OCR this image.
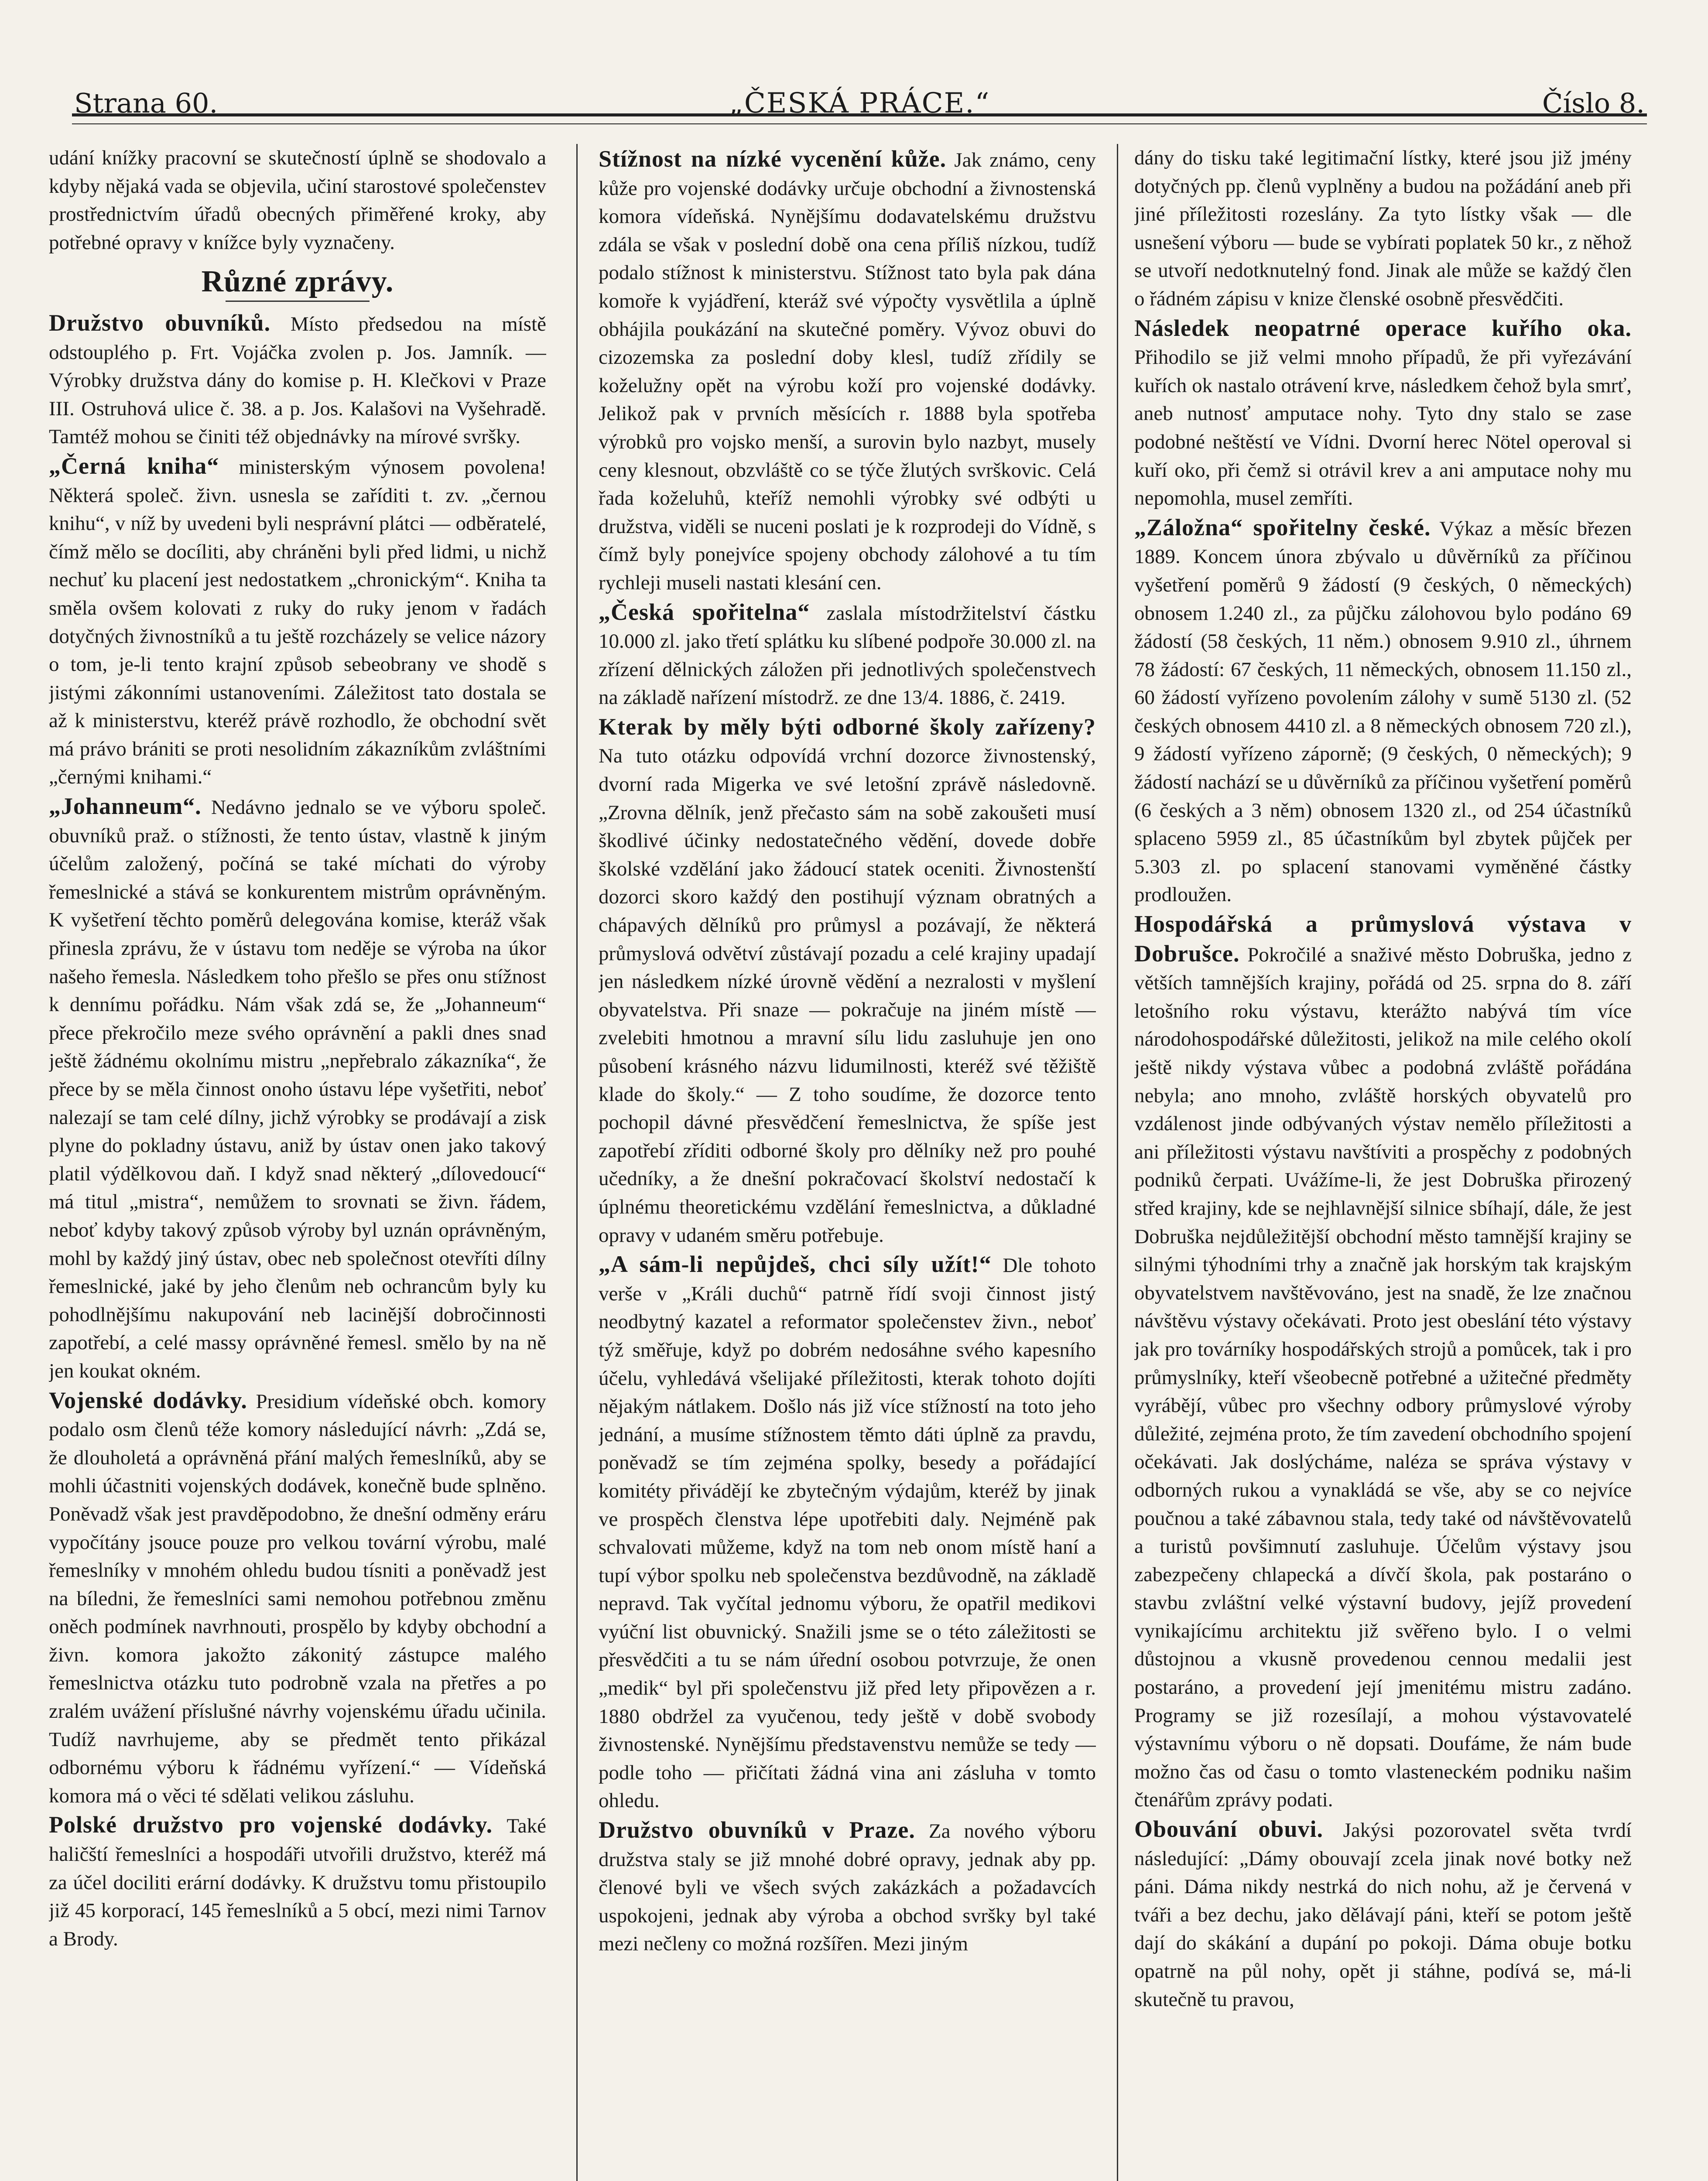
Strana 60.	„ČESKÁ PRÁCE.“	Číslo 8.

udání knížky pracovní se skutečností úplně se shodovalo a kdyby nějaká vada se objevila, učiní starostové společenstev prostřednictvím úřadů obecných přiměřené kroky, aby potřebné opravy v knížce byly vyznačeny.

Různé zprávy.

Družstvo obuvníků. Místo předsedou na místě odstouplého p. Frt. Vojáčka zvolen p. Jos. Jamník. — Výrobky družstva dány do komise p. H. Klečkovi v Praze III. Ostruhová ulice č. 38. a p. Jos. Kalašovi na Vyšehradě. Tamtéž mohou se činiti též objednávky na mírové svršky.

„Černá kniha“ ministerským výnosem povolena! Některá společ. živn. usnesla se zaříditi t. zv. „černou knihu“, v níž by uvedeni byli nesprávní plátci — odběratelé, čímž mělo se docíliti, aby chráněni byli před lidmi, u nichž nechuť ku placení jest nedostatkem „chronickým“. Kniha ta směla ovšem kolovati z ruky do ruky jenom v řadách dotyčných živnostníků a tu ještě rozcházely se velice názory o tom, je-li tento krajní způsob sebeobrany ve shodě s jistými zákonními ustanoveními. Záležitost tato dostala se až k ministerstvu, kteréž právě rozhodlo, že obchodní svět má právo brániti se proti nesolidním zákazníkům zvláštními „černými knihami.“

„Johanneum“. Nedávno jednalo se ve výboru společ. obuvníků praž. o stížnosti, že tento ústav, vlastně k jiným účelům založený, počíná se také míchati do výroby řemeslnické a stává se konkurentem mistrům oprávněným. K vyšetření těchto poměrů delegována komise, kteráž však přinesla zprávu, že v ústavu tom neděje se výroba na úkor našeho řemesla. Následkem toho přešlo se přes onu stížnost k dennímu pořádku. Nám však zdá se, že „Johanneum“ přece překročilo meze svého oprávnění a pakli dnes snad ještě žádnému okolnímu mistru „nepřebralo zákazníka“, že přece by se měla činnost onoho ústavu lépe vyšetřiti, neboť nalezají se tam celé dílny, jichž výrobky se prodávají a zisk plyne do pokladny ústavu, aniž by ústav onen jako takový platil výdělkovou daň. I když snad některý „dílovedoucí“ má titul „mistra“, nemůžem to srovnati se živn. řádem, neboť kdyby takový způsob výroby byl uznán oprávněným, mohl by každý jiný ústav, obec neb společnost otevříti dílny řemeslnické, jaké by jeho členům neb ochrancům byly ku pohodlnějšímu nakupování neb lacinější dobročinnosti zapotřebí, a celé massy oprávněné řemesl. smělo by na ně jen koukat okném.

Vojenské dodávky. Presidium vídeňské obch. komory podalo osm členů téže komory následující návrh: „Zdá se, že dlouholetá a oprávněná přání malých řemeslníků, aby se mohli účastniti vojenských dodávek, konečně bude splněno. Poněvadž však jest pravděpodobno, že dnešní odměny eráru vypočítány jsouce pouze pro velkou tovární výrobu, malé řemeslníky v mnohém ohledu budou tísniti a poněvadž jest na bíledni, že řemeslníci sami nemohou potřebnou změnu oněch podmínek navrhnouti, prospělo by kdyby obchodní a živn. komora jakožto zákonitý zástupce malého řemeslnictva otázku tuto podrobně vzala na přetřes a po zralém uvážení příslušné návrhy vojenskému úřadu učinila. Tudíž navrhujeme, aby se předmět tento přikázal odbornému výboru k řádnému vyřízení.“ — Vídeňská komora má o věci té sdělati velikou zásluhu.

Polské družstvo pro vojenské dodávky. Také haličští řemeslníci a hospodáři utvořili družstvo, kteréž má za účel dociliti erární dodávky. K družstvu tomu přistoupilo již 45 korporací, 145 řemeslníků a 5 obcí, mezi nimi Tarnov a Brody.

Stížnost na nízké vycenění kůže. Jak známo, ceny kůže pro vojenské dodávky určuje obchodní a živnostenská komora vídeňská. Nynějšímu dodavatelskému družstvu zdála se však v poslední době ona cena příliš nízkou, tudíž podalo stížnost k ministerstvu. Stížnost tato byla pak dána komoře k vyjádření, kteráž své výpočty vysvětlila a úplně obhájila poukázání na skutečné poměry. Vývoz obuvi do cizozemska za poslední doby klesl, tudíž zřídily se koželužny opět na výrobu koží pro vojenské dodávky. Jelikož pak v prvních měsících r. 1888 byla spotřeba výrobků pro vojsko menší, a surovin bylo nazbyt, musely ceny klesnout, obzvláště co se týče žlutých svrškovic. Celá řada koželuhů, kteříž nemohli výrobky své odbýti u družstva, viděli se nuceni poslati je k rozprodeji do Vídně, s čímž byly ponejvíce spojeny obchody zálohové a tu tím rychleji museli nastati klesání cen.

„Česká spořitelna“ zaslala místodržitelství částku 10.000 zl. jako třetí splátku ku slíbené podpoře 30.000 zl. na zřízení dělnických záložen při jednotlivých společenstvech na základě nařízení místodrž. ze dne 13/4. 1886, č. 2419.

Kterak by měly býti odborné školy zařízeny? Na tuto otázku odpovídá vrchní dozorce živnostenský, dvorní rada Migerka ve své letošní zprávě následovně. „Zrovna dělník, jenž přečasto sám na sobě zakoušeti musí škodlivé účinky nedostatečného vědění, dovede dobře školské vzdělání jako žádoucí statek oceniti. Živnostenští dozorci skoro každý den postihují význam obratných a chápavých dělníků pro průmysl a pozávají, že některá průmyslová odvětví zůstávají pozadu a celé krajiny upadají jen následkem nízké úrovně vědění a nezralosti v myšlení obyvatelstva. Při snaze — pokračuje na jiném místě — zvelebiti hmotnou a mravní sílu lidu zasluhuje jen ono působení krásného názvu lidumilnosti, kteréž své těžiště klade do školy.“ — Z toho soudíme, že dozorce tento pochopil dávné přesvědčení řemeslnictva, že spíše jest zapotřebí zříditi odborné školy pro dělníky než pro pouhé učedníky, a že dnešní pokračovací školství nedostačí k úplnému theoretickému vzdělání řemeslnictva, a důkladné opravy v udaném směru potřebuje.

„A sám-li nepůjdeš, chci síly užít!“ Dle tohoto verše v „Králi duchů“ patrně řídí svoji činnost jistý neodbytný kazatel a reformator společenstev živn., neboť týž směřuje, když po dobrém nedosáhne svého kapesního účelu, vyhledává všelijaké příležitosti, kterak tohoto dojíti nějakým nátlakem. Došlo nás již více stížností na toto jeho jednání, a musíme stížnostem těmto dáti úplně za pravdu, poněvadž se tím zejména spolky, besedy a pořádající komitéty přivádějí ke zbytečným výdajům, kteréž by jinak ve prospěch členstva lépe upotřebiti daly. Nejméně pak schvalovati můžeme, když na tom neb onom místě haní a tupí výbor spolku neb společenstva bezdůvodně, na základě nepravd. Tak vyčítal jednomu výboru, že opatřil medikovi vyúční list obuvnický. Snažili jsme se o této záležitosti se přesvědčiti a tu se nám úřední osobou potvrzuje, že onen „medik“ byl při společenstvu již před lety připovězen a r. 1880 obdržel za vyučenou, tedy ještě v době svobody živnostenské. Nynějšímu představenstvu nemůže se tedy — podle toho — přičítati žádná vina ani zásluha v tomto ohledu.

Družstvo obuvníků v Praze. Za nového výboru družstva staly se již mnohé dobré opravy, jednak aby pp. členové byli ve všech svých zakázkách a požadavcích uspokojeni, jednak aby výroba a obchod svršky byl také mezi nečleny co možná rozšířen. Mezi jiným

dány do tisku také legitimační lístky, které jsou již jmény dotyčných pp. členů vyplněny a budou na požádání aneb při jiné příležitosti rozeslány. Za tyto lístky však — dle usnešení výboru — bude se vybírati poplatek 50 kr., z něhož se utvoří nedotknutelný fond. Jinak ale může se každý člen o řádném zápisu v knize členské osobně přesvědčiti.

Následek neopatrné operace kuřího oka. Přihodilo se již velmi mnoho případů, že při vyřezávání kuřích ok nastalo otrávení krve, následkem čehož byla smrť, aneb nutnosť amputace nohy. Tyto dny stalo se zase podobné neštěstí ve Vídni. Dvorní herec Nötel operoval si kuří oko, při čemž si otrávil krev a ani amputace nohy mu nepomohla, musel zemříti.

„Záložna“ spořitelny české. Výkaz a měsíc březen 1889. Koncem února zbývalo u důvěrníků za příčinou vyšetření poměrů 9 žádostí (9 českých, 0 německých) obnosem 1.240 zl., za půjčku zálohovou bylo podáno 69 žádostí (58 českých, 11 něm.) obnosem 9.910 zl., úhrnem 78 žádostí: 67 českých, 11 německých, obnosem 11.150 zl., 60 žádostí vyřízeno povolením zálohy v sumě 5130 zl. (52 českých obnosem 4410 zl. a 8 německých obnosem 720 zl.), 9 žádostí vyřízeno záporně; (9 českých, 0 německých); 9 žádostí nachází se u důvěrníků za příčinou vyšetření poměrů (6 českých a 3 něm) obnosem 1320 zl., od 254 účastníků splaceno 5959 zl., 85 účastníkům byl zbytek půjček per 5.303 zl. po splacení stanovami vyměněné částky prodloužen.

Hospodářská a průmyslová výstava v Dobrušce. Pokročilé a snaživé město Dobruška, jedno z větších tamnějších krajiny, pořádá od 25. srpna do 8. září letošního roku výstavu, kterážto nabývá tím více národohospodářské důležitosti, jelikož na mile celého okolí ještě nikdy výstava vůbec a podobná zvláště pořádána nebyla; ano mnoho, zvláště horských obyvatelů pro vzdálenost jinde odbývaných výstav nemělo příležitosti a ani příležitosti výstavu navštíviti a prospěchy z podobných podniků čerpati. Uvážíme-li, že jest Dobruška přirozený střed krajiny, kde se nejhlavnější silnice sbíhají, dále, že jest Dobruška nejdůležitější obchodní město tamnější krajiny se silnými týhodními trhy a značně jak horským tak krajským obyvatelstvem navštěvováno, jest na snadě, že lze značnou návštěvu výstavy očekávati. Proto jest obeslání této výstavy jak pro továrníky hospodářských strojů a pomůcek, tak i pro průmyslníky, kteří všeobecně potřebné a užitečné předměty vyrábějí, vůbec pro všechny odbory průmyslové výroby důležité, zejména proto, že tím zavedení obchodního spojení očekávati. Jak doslýcháme, naléza se správa výstavy v odborných rukou a vynakládá se vše, aby se co nejvíce poučnou a také zábavnou stala, tedy také od návštěvovatelů a turistů povšimnutí zasluhuje. Účelům výstavy jsou zabezpečeny chlapecká a dívčí škola, pak postaráno o stavbu zvláštní velké výstavní budovy, jejíž provedení vynikajícímu architektu již svěřeno bylo. I o velmi důstojnou a vkusně provedenou cennou medalii jest postaráno, a provedení její jmenitému mistru zadáno. Programy se již rozesílají, a mohou výstavovatelé výstavnímu výboru o ně dopsati. Doufáme, že nám bude možno čas od času o tomto vlasteneckém podniku našim čtenářům zprávy podati.

Obouvání obuvi. Jakýsi pozorovatel světa tvrdí následující: „Dámy obouvají zcela jinak nové botky než páni. Dáma nikdy nestrká do nich nohu, až je červená v tváři a bez dechu, jako dělávají páni, kteří se potom ještě dají do skákání a dupání po pokoji. Dáma obuje botku opatrně na půl nohy, opět ji stáhne, podívá se, má-li skutečně tu pravou,
